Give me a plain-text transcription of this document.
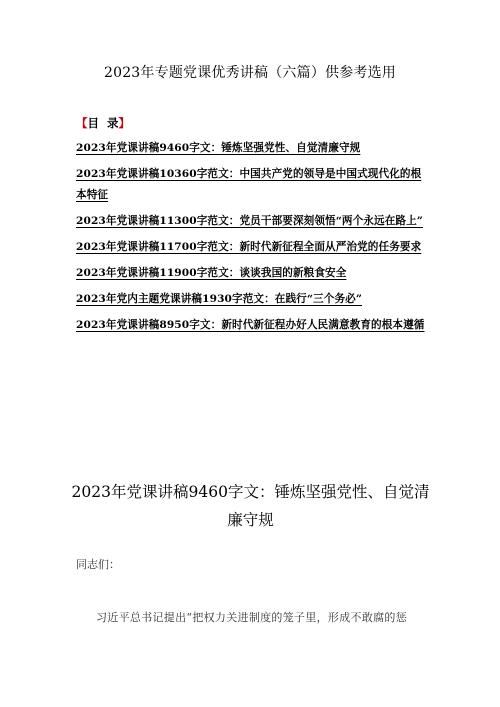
2023年专题党课优秀讲稿（六篇）供参考选用
【目  录】
2023年党课讲稿9460字文：锤炼坚强党性、自觉清廉守规
2023年党课讲稿10360字范文：中国共产党的领导是中国式现代化的根本特征
2023年党课讲稿11300字范文：党员干部要深刻领悟“两个永远在路上”
2023年党课讲稿11700字范文：新时代新征程全面从严治党的任务要求
2023年党课讲稿11900字范文：谈谈我国的新粮食安全
2023年党内主题党课讲稿1930字范文：在践行“三个务必”
2023年党课讲稿8950字文：新时代新征程办好人民满意教育的根本遵循
2023年党课讲稿9460字文：锤炼坚强党性、自觉清廉守规
同志们：
习近平总书记提出“把权力关进制度的笼子里，形成不敢腐的惩
